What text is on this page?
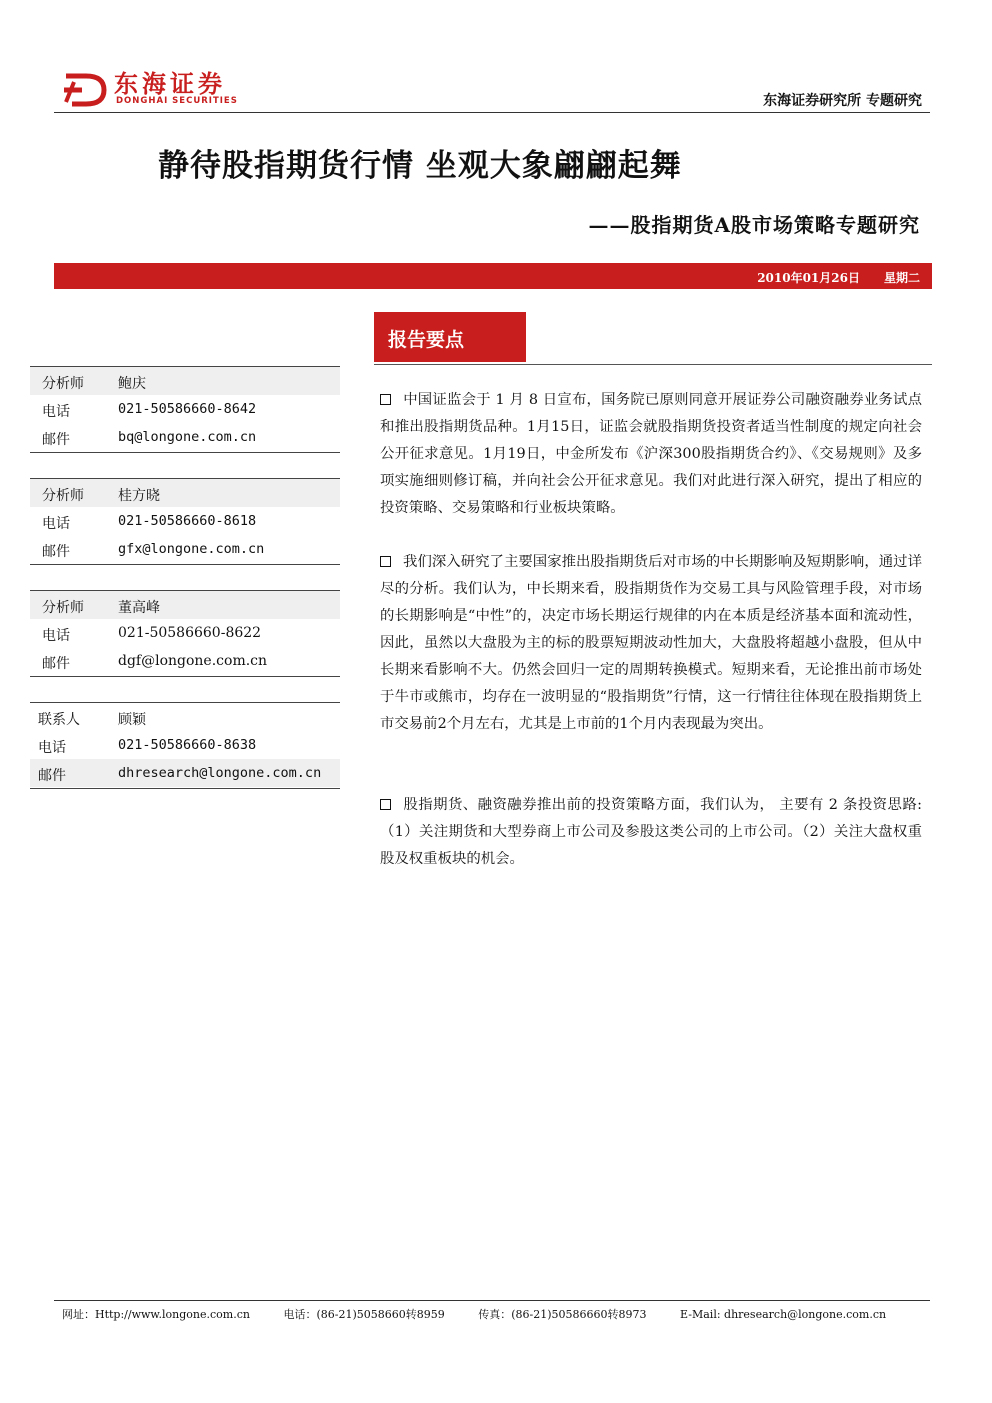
东海证券
DONGHAI SECURITIES	东海证券研究所 专题研究
静待股指期货行情 坐观大象翩翩起舞
——股指期货A股市场策略专题研究
2010年01月26日 星期二
报告要点
中国证监会于 1 月 8 日宣布，国务院已原则同意开展证券公司融资融券业务试点和推出股指期货品种。1月15日，证监会就股指期货投资者适当性制度的规定向社会公开征求意见。1月19日，中金所发布《沪深300股指期货合约》、《交易规则》及多项实施细则修订稿，并向社会公开征求意见。我们对此进行深入研究，提出了相应的投资策略、交易策略和行业板块策略。
我们深入研究了主要国家推出股指期货后对市场的中长期影响及短期影响，通过详尽的分析。我们认为，中长期来看，股指期货作为交易工具与风险管理手段，对市场的长期影响是“中性”的，决定市场长期运行规律的内在本质是经济基本面和流动性，因此，虽然以大盘股为主的标的股票短期波动性加大，大盘股将超越小盘股，但从中长期来看影响不大。仍然会回归一定的周期转换模式。短期来看，无论推出前市场处于牛市或熊市，均存在一波明显的“股指期货”行情，这一行情往往体现在股指期货上市交易前2个月左右，尤其是上市前的1个月内表现最为突出。
股指期货、融资融券推出前的投资策略方面，我们认为， 主要有 2 条投资思路:（1）关注期货和大型券商上市公司及参股这类公司的上市公司。（2）关注大盘权重股及权重板块的机会。
分析师 鲍庆
电话	021-50586660-8642
邮件	bq@longone.com.cn
分析师 桂方晓
电话	021-50586660-8618
邮件	gfx@longone.com.cn
分析师 董高峰
电话	021-50586660-8622
邮件	dgf@longone.com.cn
联系人	顾颖
电话	021-50586660-8638
邮件	dhresearch@longone.com.cn
网址：Http://www.longone.com.cn	电话：(86-21)5058660转8959	传真：(86-21)50586660转8973	E-Mail: dhresearch@longone.com.cn
